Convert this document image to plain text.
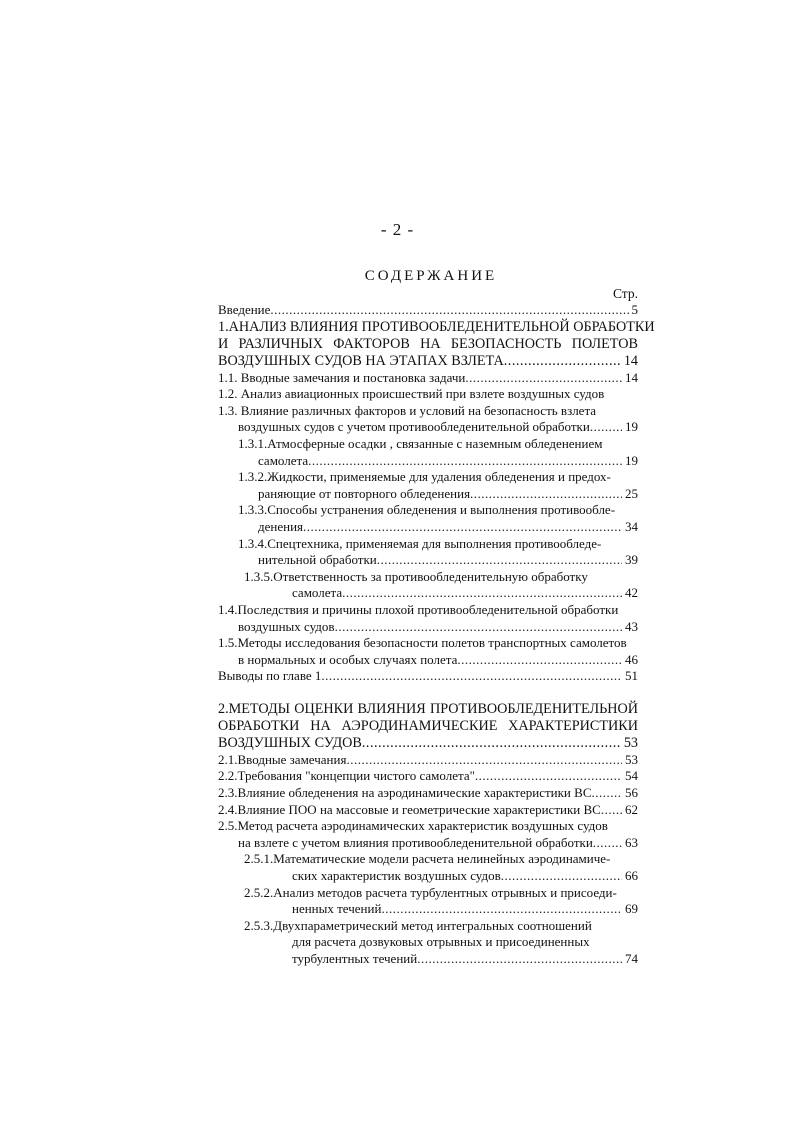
- 2 -
СОДЕРЖАНИЕ
Стр.
Введение .....	5
1.АНАЛИЗ ВЛИЯНИЯ ПРОТИВООБЛЕДЕНИТЕЛЬНОЙ ОБРАБОТКИ
И РАЗЛИЧНЫХ ФАКТОРОВ НА БЕЗОПАСНОСТЬ ПОЛЕТОВ
ВОЗДУШНЫХ СУДОВ НА ЭТАПАХ ВЗЛЕТА .....	14
1.1. Вводные замечания и постановка задачи .....	14
1.2. Анализ авиационных происшествий при взлете воздушных судов
1.3. Влияние различных факторов и условий на безопасность взлета
воздушных судов с учетом противообледенительной обработки .....	19
1.3.1.Атмосферные осадки , связанные с наземным обледенением
самолета .....	19
1.3.2.Жидкости, применяемые для удаления обледенения и предох-
раняющие от повторного обледенения .....	25
1.3.3.Способы устранения обледенения и выполнения противообле-
денения .....	34
1.3.4.Спецтехника, применяемая для выполнения противообледе-
нительной обработки .....	39
1.3.5.Ответственность за противообледенительную обработку
самолета .....	42
1.4.Последствия и причины плохой противообледенительной обработки
воздушных судов .....	43
1.5.Методы исследования безопасности полетов транспортных самолетов
в нормальных и особых случаях полета .....	46
Выводы по главе 1 .....	51
2.МЕТОДЫ ОЦЕНКИ ВЛИЯНИЯ ПРОТИВООБЛЕДЕНИТЕЛЬНОЙ
ОБРАБОТКИ НА АЭРОДИНАМИЧЕСКИЕ ХАРАКТЕРИСТИКИ
ВОЗДУШНЫХ СУДОВ .....	53
2.1.Вводные замечания .....	53
2.2.Требования "концепции чистого самолета" .....	54
2.3.Влияние обледенения на аэродинамические характеристики ВС .....	56
2.4.Влияние ПОО на массовые и геометрические характеристики ВС ..... 62
2.5.Метод расчета аэродинамических характеристик воздушных судов
на взлете с учетом влияния противообледенительной обработки ..... 63
2.5.1.Математические модели расчета нелинейных аэродинамиче-
ских характеристик воздушных судов .....	66
2.5.2.Анализ методов расчета турбулентных отрывных и присоеди-
ненных течений .....	69
2.5.3.Двухпараметрический метод интегральных соотношений
для расчета дозвуковых отрывных и присоединенных
турбулентных течений .....	74
